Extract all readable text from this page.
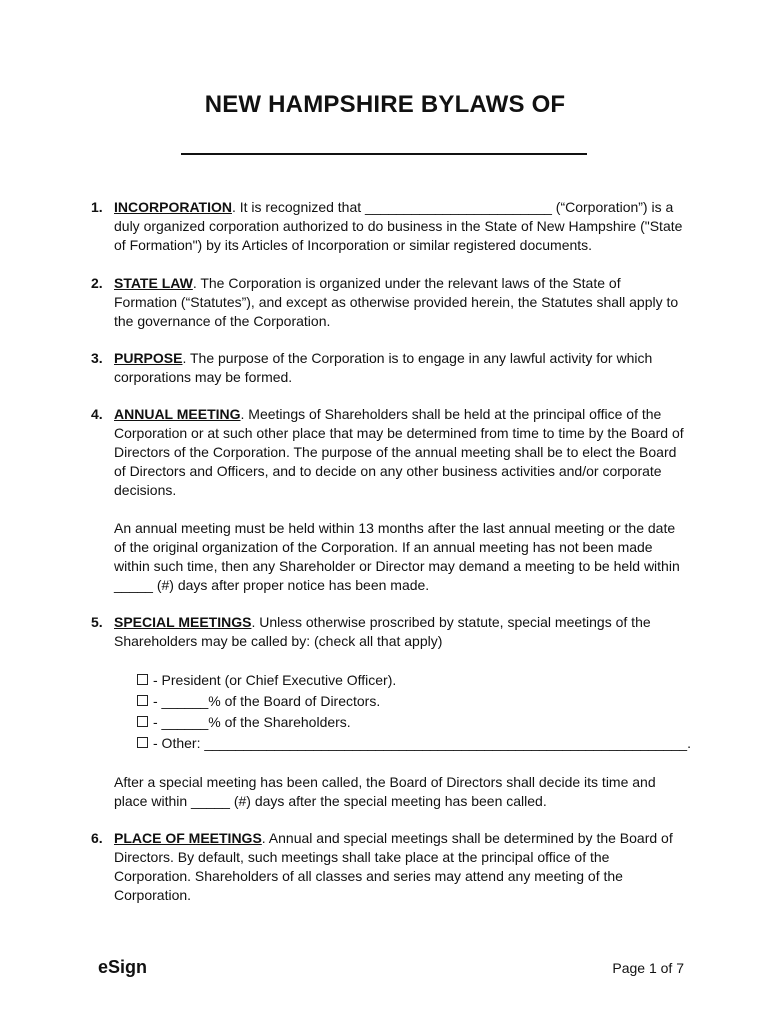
NEW HAMPSHIRE BYLAWS OF
1. INCORPORATION. It is recognized that ________________________ (“Corporation”) is a duly organized corporation authorized to do business in the State of New Hampshire ("State of Formation") by its Articles of Incorporation or similar registered documents.

2. STATE LAW. The Corporation is organized under the relevant laws of the State of Formation (“Statutes”), and except as otherwise provided herein, the Statutes shall apply to the governance of the Corporation.

3. PURPOSE. The purpose of the Corporation is to engage in any lawful activity for which corporations may be formed.

4. ANNUAL MEETING. Meetings of Shareholders shall be held at the principal office of the Corporation or at such other place that may be determined from time to time by the Board of Directors of the Corporation. The purpose of the annual meeting shall be to elect the Board of Directors and Officers, and to decide on any other business activities and/or corporate decisions.

An annual meeting must be held within 13 months after the last annual meeting or the date of the original organization of the Corporation. If an annual meeting has not been made within such time, then any Shareholder or Director may demand a meeting to be held within _____ (#) days after proper notice has been made.

5. SPECIAL MEETINGS. Unless otherwise proscribed by statute, special meetings of the Shareholders may be called by: (check all that apply)

- President (or Chief Executive Officer).
- ______% of the Board of Directors.
- ______% of the Shareholders.
- Other: ______________________________________________________________.

After a special meeting has been called, the Board of Directors shall decide its time and place within _____ (#) days after the special meeting has been called.

6. PLACE OF MEETINGS. Annual and special meetings shall be determined by the Board of Directors. By default, such meetings shall take place at the principal office of the Corporation. Shareholders of all classes and series may attend any meeting of the Corporation.

eSign	Page 1 of 7
